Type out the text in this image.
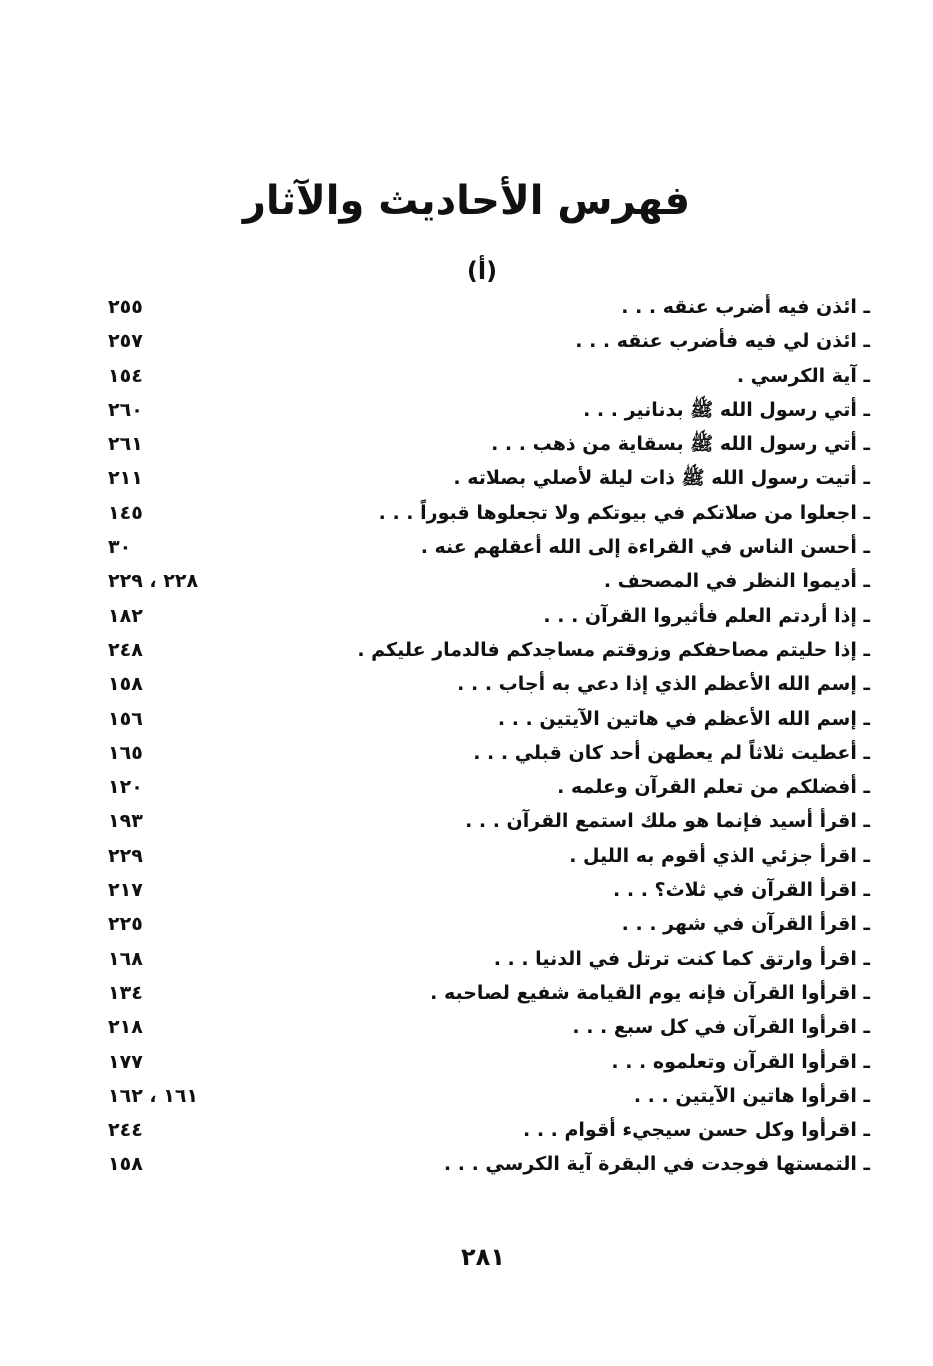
فهرس الأحاديث والآثار
(أ)
ـ ائذن فيه أضرب عنقه . . .
٢٥٥
ـ ائذن لي فيه فأضرب عنقه . . .
٢٥٧
ـ آية الكرسي .
١٥٤
ـ أتي رسول الله ﷺ بدنانير . . .
٢٦٠
ـ أتي رسول الله ﷺ بسقاية من ذهب . . .
٢٦١
ـ أتيت رسول الله ﷺ ذات ليلة لأصلي بصلاته .
٢١١
ـ اجعلوا من صلاتكم في بيوتكم ولا تجعلوها قبوراً . . .
١٤٥
ـ أحسن الناس في القراءة إلى الله أعقلهم عنه .
٣٠
ـ أديموا النظر في المصحف .
٢٢٨ ، ٢٢٩
ـ إذا أردتم العلم فأثيروا القرآن . . .
١٨٢
ـ إذا حليتم مصاحفكم وزوقتم مساجدكم فالدمار عليكم .
٢٤٨
ـ إسم الله الأعظم الذي إذا دعي به أجاب . . .
١٥٨
ـ إسم الله الأعظم في هاتين الآيتين . . .
١٥٦
ـ أعطيت ثلاثاً لم يعطهن أحد كان قبلي . . .
١٦٥
ـ أفضلكم من تعلم القرآن وعلمه .
١٢٠
ـ اقرأ أسيد فإنما هو ملك استمع القرآن . . .
١٩٣
ـ اقرأ جزئي الذي أقوم به الليل .
٢٢٩
ـ اقرأ القرآن في ثلاث؟ . . .
٢١٧
ـ اقرأ القرآن في شهر . . .
٢٢٥
ـ اقرأ وارتق كما كنت ترتل في الدنيا . . .
١٦٨
ـ اقرأوا القرآن فإنه يوم القيامة شفيع لصاحبه .
١٣٤
ـ اقرأوا القرآن في كل سبع . . .
٢١٨
ـ اقرأوا القرآن وتعلموه . . .
١٧٧
ـ اقرأوا هاتين الآيتين . . .
١٦١ ، ١٦٢
ـ اقرأوا وكل حسن سيجيء أقوام . . .
٢٤٤
ـ التمستها فوجدت في البقرة آية الكرسي . . .
١٥٨
٢٨١
